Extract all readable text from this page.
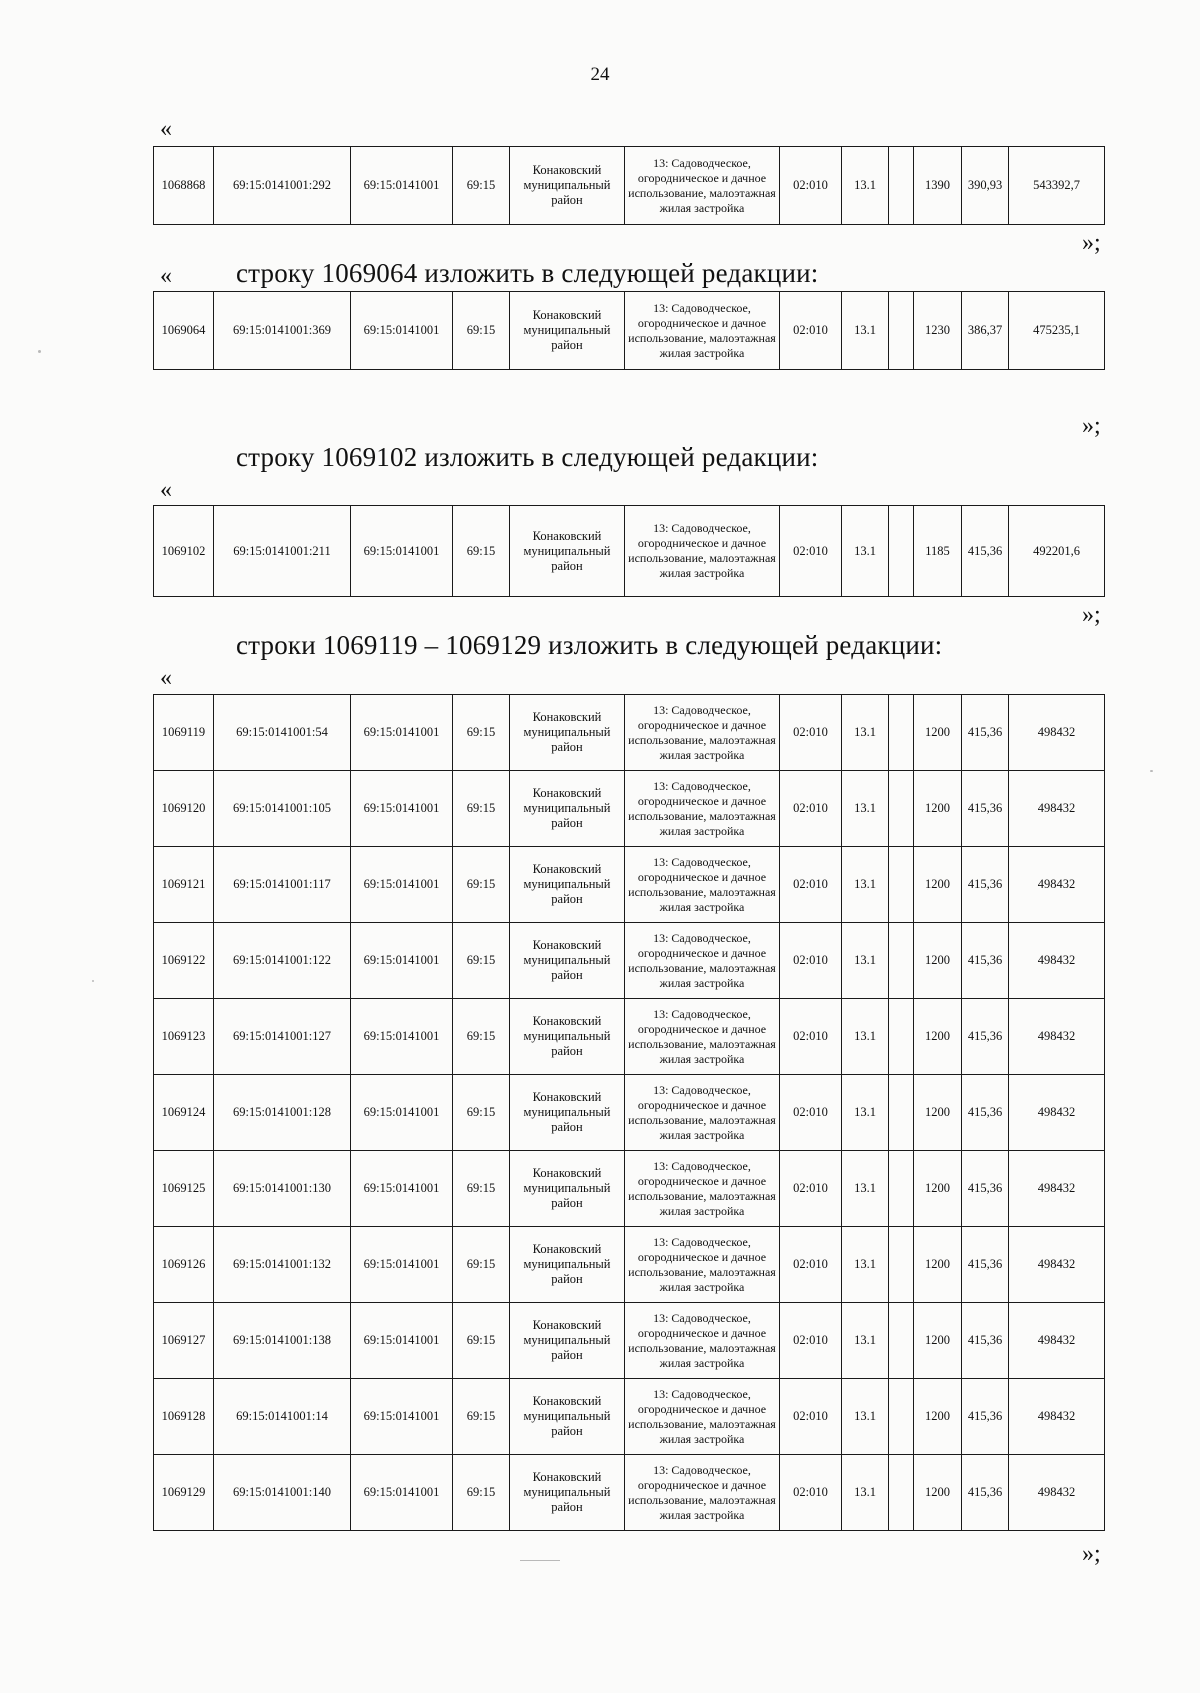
24
«
1068868	69:15:0141001:292	69:15:0141001	69:15	Конаковский муниципальный район	13: Садоводческое, огородническое и дачное использование, малоэтажная жилая застройка	02:010	13.1		1390	390,93	543392,7
»;
строку 1069064 изложить в следующей редакции:
«
1069064	69:15:0141001:369	69:15:0141001	69:15	Конаковский муниципальный район	13: Садоводческое, огородническое и дачное использование, малоэтажная жилая застройка	02:010	13.1		1230	386,37	475235,1
»;
строку 1069102 изложить в следующей редакции:
«
1069102	69:15:0141001:211	69:15:0141001	69:15	Конаковский муниципальный район	13: Садоводческое, огородническое и дачное использование, малоэтажная жилая застройка	02:010	13.1		1185	415,36	492201,6
»;
строки 1069119 – 1069129 изложить в следующей редакции:
«
1069119	69:15:0141001:54	69:15:0141001	69:15	Конаковский муниципальный район	13: Садоводческое, огородническое и дачное использование, малоэтажная жилая застройка	02:010	13.1		1200	415,36	498432
1069120	69:15:0141001:105	69:15:0141001	69:15	Конаковский муниципальный район	13: Садоводческое, огородническое и дачное использование, малоэтажная жилая застройка	02:010	13.1		1200	415,36	498432
1069121	69:15:0141001:117	69:15:0141001	69:15	Конаковский муниципальный район	13: Садоводческое, огородническое и дачное использование, малоэтажная жилая застройка	02:010	13.1		1200	415,36	498432
1069122	69:15:0141001:122	69:15:0141001	69:15	Конаковский муниципальный район	13: Садоводческое, огородническое и дачное использование, малоэтажная жилая застройка	02:010	13.1		1200	415,36	498432
1069123	69:15:0141001:127	69:15:0141001	69:15	Конаковский муниципальный район	13: Садоводческое, огородническое и дачное использование, малоэтажная жилая застройка	02:010	13.1		1200	415,36	498432
1069124	69:15:0141001:128	69:15:0141001	69:15	Конаковский муниципальный район	13: Садоводческое, огородническое и дачное использование, малоэтажная жилая застройка	02:010	13.1		1200	415,36	498432
1069125	69:15:0141001:130	69:15:0141001	69:15	Конаковский муниципальный район	13: Садоводческое, огородническое и дачное использование, малоэтажная жилая застройка	02:010	13.1		1200	415,36	498432
1069126	69:15:0141001:132	69:15:0141001	69:15	Конаковский муниципальный район	13: Садоводческое, огородническое и дачное использование, малоэтажная жилая застройка	02:010	13.1		1200	415,36	498432
1069127	69:15:0141001:138	69:15:0141001	69:15	Конаковский муниципальный район	13: Садоводческое, огородническое и дачное использование, малоэтажная жилая застройка	02:010	13.1		1200	415,36	498432
1069128	69:15:0141001:14	69:15:0141001	69:15	Конаковский муниципальный район	13: Садоводческое, огородническое и дачное использование, малоэтажная жилая застройка	02:010	13.1		1200	415,36	498432
1069129	69:15:0141001:140	69:15:0141001	69:15	Конаковский муниципальный район	13: Садоводческое, огородническое и дачное использование, малоэтажная жилая застройка	02:010	13.1		1200	415,36	498432
»;
